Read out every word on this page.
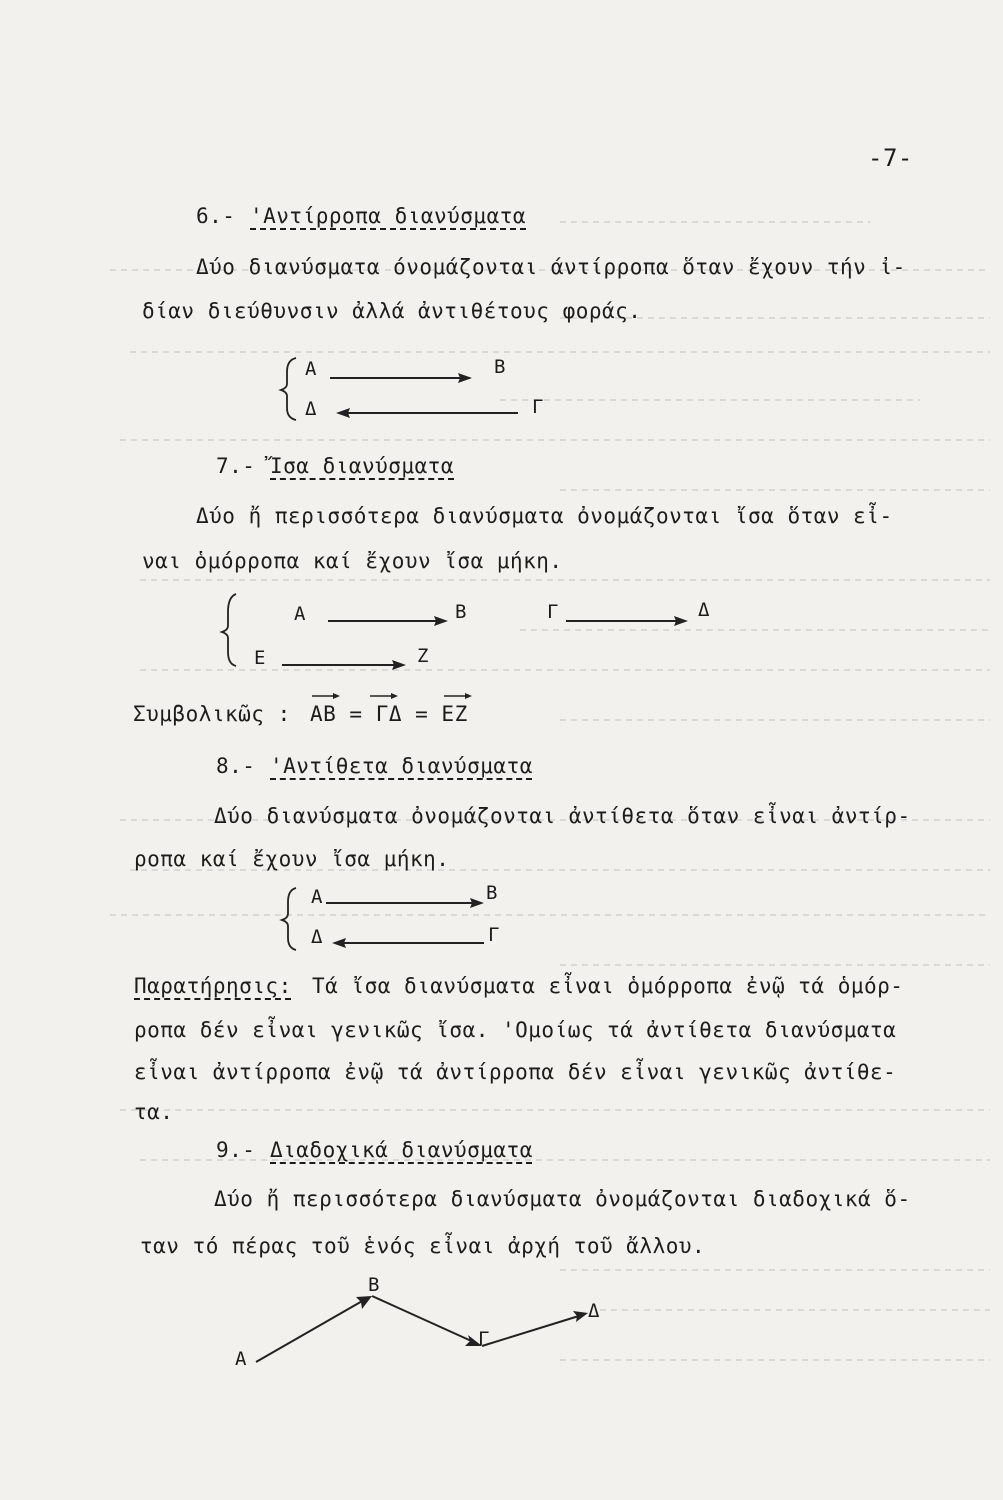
-7-
6.- 'Αντίρροπα διανύσματα
Δύο διανύσματα όνομάζονται άντίρροπα ὅταν ἔχουν τήν ἰ-
δίαν διεύθυνσιν ἀλλά ἀντιθέτους φοράς.
A	B
Δ	Γ
7.- Ἴσα διανύσματα
Δύο ἤ περισσότερα διανύσματα ὀνομάζονται ἴσα ὅταν εἶ-
ναι ὁμόρροπα καί ἔχουν ἴσα μήκη.
A	B	Γ	Δ
E	Z
Συμβολικῶς : AB = ΓΔ = EZ
8.- 'Αντίθετα διανύσματα
Δύο διανύσματα ὀνομάζονται ἀντίθετα ὅταν εἶναι ἀντίρ-
ροπα καί ἔχουν ἴσα μήκη.
A	B
Δ	Γ
Παρατήρησις: Τά ἴσα διανύσματα εἶναι ὁμόρροπα ἐνῷ τά ὁμόρ-
ροπα δέν εἶναι γενικῶς ἴσα. 'Ομοίως τά ἀντίθετα διανύσματα
εἶναι ἀντίρροπα ἐνῷ τά ἀντίρροπα δέν εἶναι γενικῶς ἀντίθε-
τα.
9.- Διαδοχικά διανύσματα
Δύο ἤ περισσότερα διανύσματα ὀνομάζονται διαδοχικά ὅ-
ταν τό πέρας τοῦ ἑνός εἶναι ἀρχή τοῦ ἄλλου.
A
B
Γ
Δ
